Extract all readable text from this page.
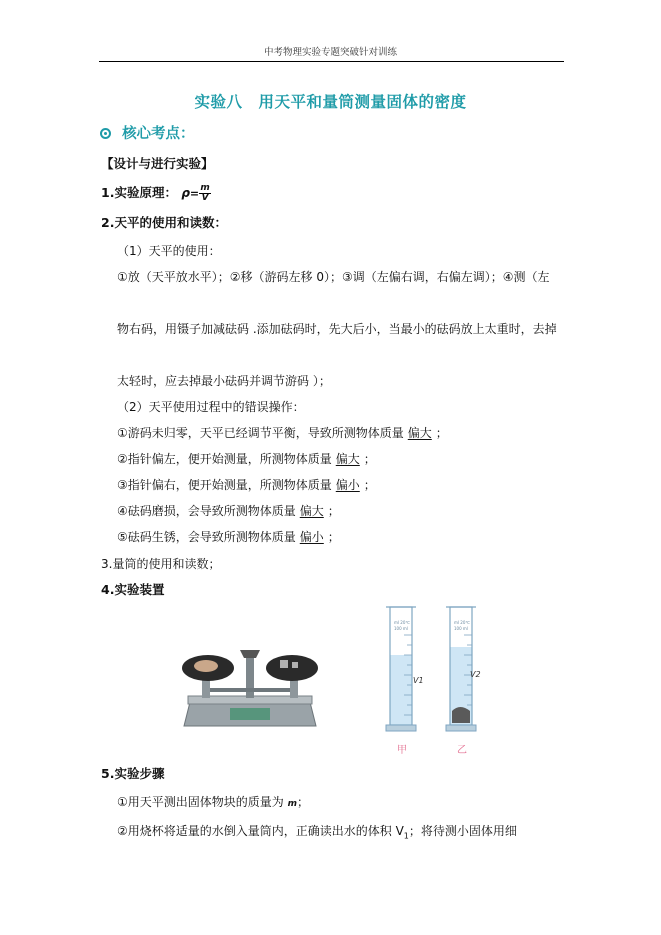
中考物理实验专题突破针对训练
实验八　用天平和量筒测量固体的密度
核心考点：
【设计与进行实验】
1.实验原理： $\rho= \frac{m}{V}$
2.天平的使用和读数：
（1）天平的使用：
①放（天平放水平）；②移（游码左移 0）；③调（左偏右调，右偏左调）；④测（左
物右码，用镊子加减砝码 .添加砝码时，先大后小，当最小的砝码放上太重时，去掉
太轻时，应去掉最小砝码并调节游码 ）；
（2）天平使用过程中的错误操作：
①游码未归零，天平已经调节平衡，导致所测物体质量 偏大 ；
②指针偏左，便开始测量，所测物体质量 偏大 ；
③指针偏右，便开始测量，所测物体质量 偏小 ；
④砝码磨损，会导致所测物体质量 偏大 ；
⑤砝码生锈，会导致所测物体质量 偏小 ；
3.量筒的使用和读数；
4.实验装置
ml 20℃
100 ml
V1
甲
ml 20℃
100 ml
V2
乙
5.实验步骤
①用天平测出固体物块的质量为 m；
②用烧杯将适量的水倒入量筒内，正确读出水的体积 $V_1$；将待测小固体用细
